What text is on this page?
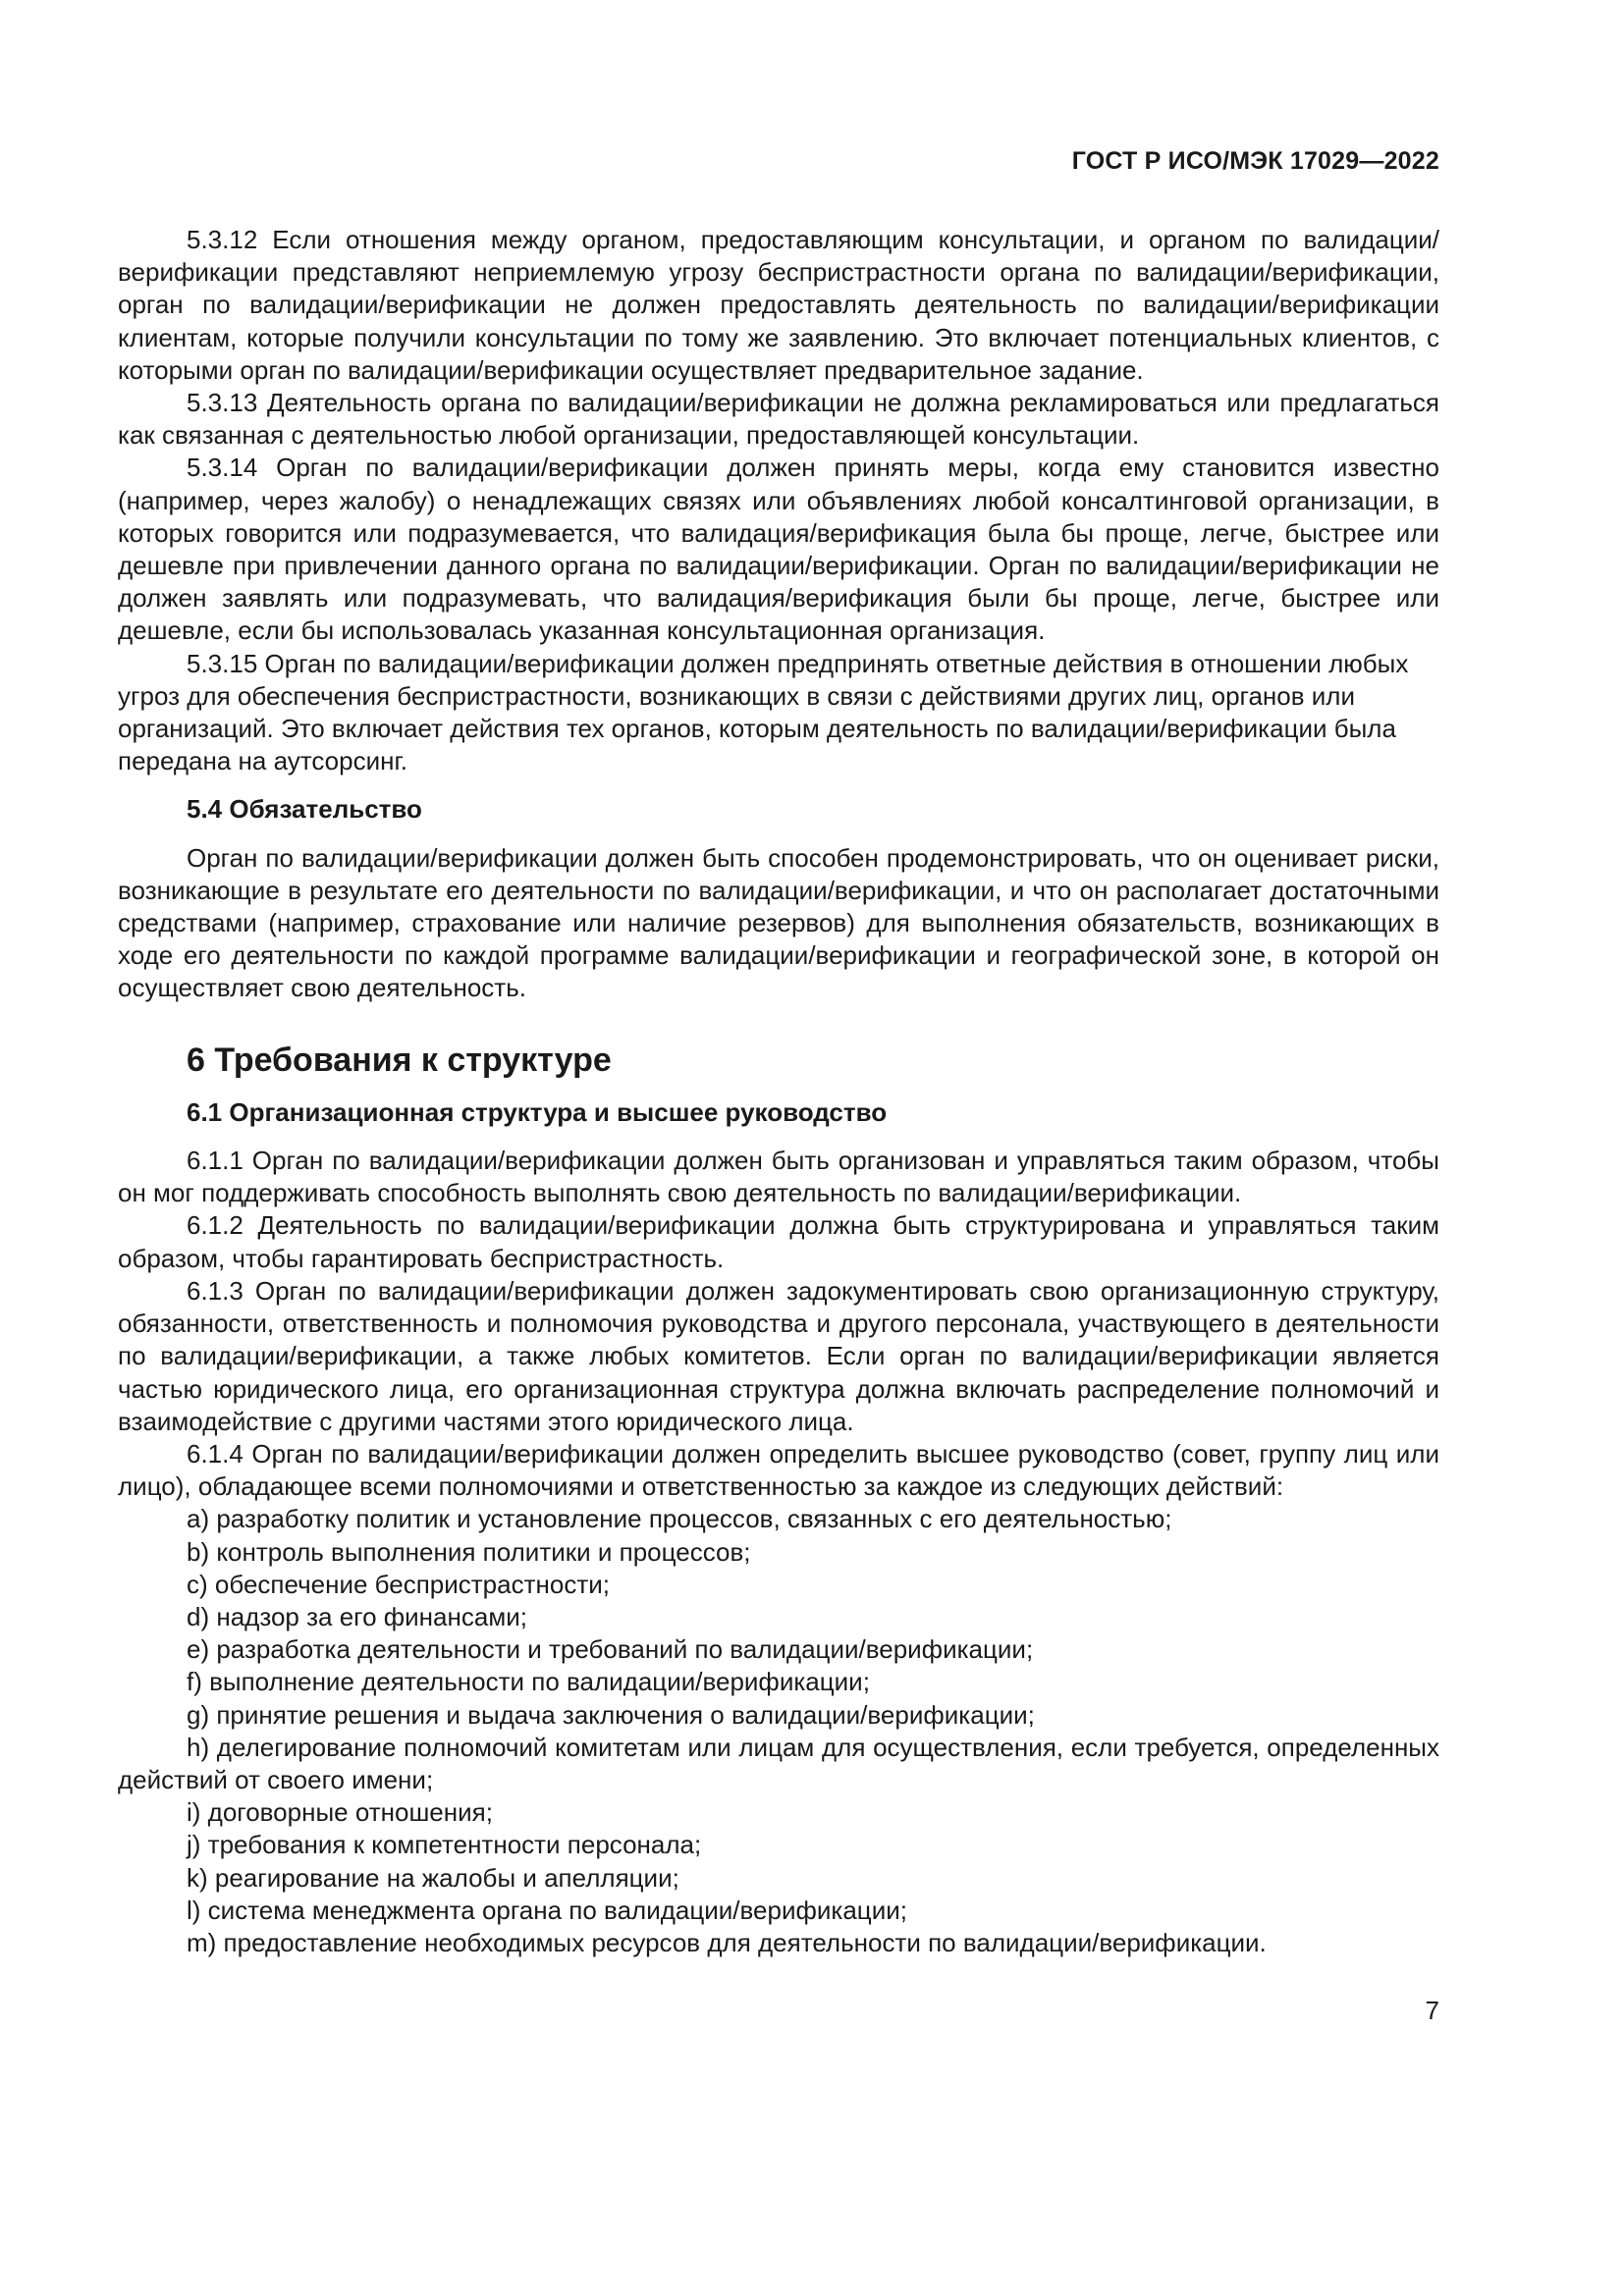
ГОСТ Р ИСО/МЭК 17029—2022

5.3.12 Если отношения между органом, предоставляющим консультации, и органом по валидации/верификации представляют неприемлемую угрозу беспристрастности органа по валидации/верификации, орган по валидации/верификации не должен предоставлять деятельность по валидации/верификации клиентам, которые получили консультации по тому же заявлению. Это включает потенциальных клиентов, с которыми орган по валидации/верификации осуществляет предварительное задание.

5.3.13 Деятельность органа по валидации/верификации не должна рекламироваться или предлагаться как связанная с деятельностью любой организации, предоставляющей консультации.

5.3.14 Орган по валидации/верификации должен принять меры, когда ему становится известно (например, через жалобу) о ненадлежащих связях или объявлениях любой консалтинговой организации, в которых говорится или подразумевается, что валидация/верификация была бы проще, легче, быстрее или дешевле при привлечении данного органа по валидации/верификации. Орган по валидации/верификации не должен заявлять или подразумевать, что валидация/верификация были бы проще, легче, быстрее или дешевле, если бы использовалась указанная консультационная организация.

5.3.15 Орган по валидации/верификации должен предпринять ответные действия в отношении любых угроз для обеспечения беспристрастности, возникающих в связи с действиями других лиц, органов или организаций. Это включает действия тех органов, которым деятельность по валидации/верификации была передана на аутсорсинг.

5.4 Обязательство

Орган по валидации/верификации должен быть способен продемонстрировать, что он оценивает риски, возникающие в результате его деятельности по валидации/верификации, и что он располагает достаточными средствами (например, страхование или наличие резервов) для выполнения обязательств, возникающих в ходе его деятельности по каждой программе валидации/верификации и географической зоне, в которой он осуществляет свою деятельность.

6 Требования к структуре
6.1 Организационная структура и высшее руководство

6.1.1 Орган по валидации/верификации должен быть организован и управляться таким образом, чтобы он мог поддерживать способность выполнять свою деятельность по валидации/верификации.

6.1.2 Деятельность по валидации/верификации должна быть структурирована и управляться таким образом, чтобы гарантировать беспристрастность.

6.1.3 Орган по валидации/верификации должен задокументировать свою организационную структуру, обязанности, ответственность и полномочия руководства и другого персонала, участвующего в деятельности по валидации/верификации, а также любых комитетов. Если орган по валидации/верификации является частью юридического лица, его организационная структура должна включать распределение полномочий и взаимодействие с другими частями этого юридического лица.

6.1.4 Орган по валидации/верификации должен определить высшее руководство (совет, группу лиц или лицо), обладающее всеми полномочиями и ответственностью за каждое из следующих действий:

a) разработку политик и установление процессов, связанных с его деятельностью;

b) контроль выполнения политики и процессов;

c) обеспечение беспристрастности;

d) надзор за его финансами;

e) разработка деятельности и требований по валидации/верификации;

f) выполнение деятельности по валидации/верификации;

g) принятие решения и выдача заключения о валидации/верификации;

h) делегирование полномочий комитетам или лицам для осуществления, если требуется, определенных действий от своего имени;

i) договорные отношения;

j) требования к компетентности персонала;

k) реагирование на жалобы и апелляции;

l) система менеджмента органа по валидации/верификации;

m) предоставление необходимых ресурсов для деятельности по валидации/верификации.

7
